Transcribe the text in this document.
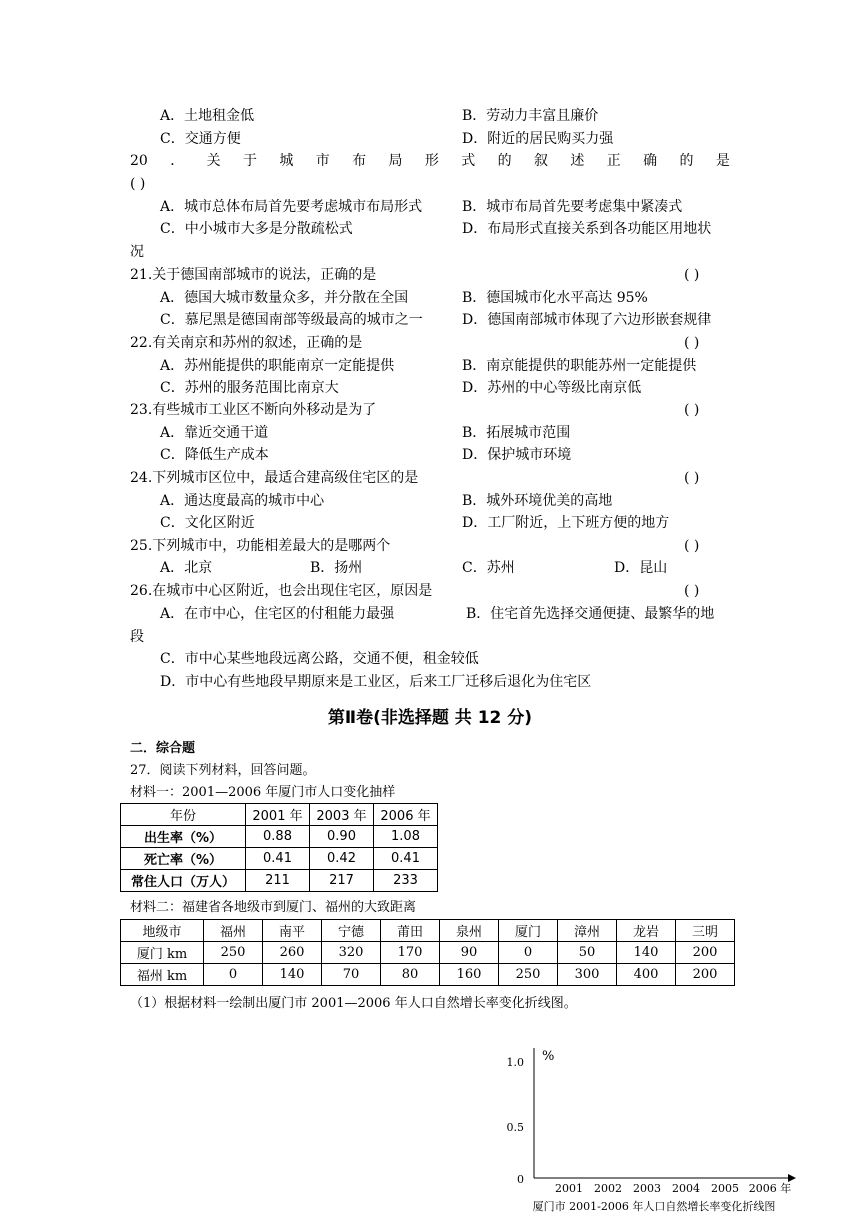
A．土地租金低	B．劳动力丰富且廉价
C．交通方便	D．附近的居民购买力强
20 ． 关 于 城 市 布 局 形 式 的 叙 述 正 确 的 是
( )
A．城市总体布局首先要考虑城市布局形式	B．城市布局首先要考虑集中紧凑式
C．中小城市大多是分散疏松式	D．布局形式直接关系到各功能区用地状
况
21.关于德国南部城市的说法，正确的是	( )
A．德国大城市数量众多，并分散在全国	B．德国城市化水平高达 95%
C．慕尼黑是德国南部等级最高的城市之一	D．德国南部城市体现了六边形嵌套规律
22.有关南京和苏州的叙述，正确的是	( )
A．苏州能提供的职能南京一定能提供	B．南京能提供的职能苏州一定能提供
C．苏州的服务范围比南京大	D．苏州的中心等级比南京低
23.有些城市工业区不断向外移动是为了	( )
A．靠近交通干道	B．拓展城市范围
C．降低生产成本	D．保护城市环境
24.下列城市区位中，最适合建高级住宅区的是	( )
A．通达度最高的城市中心	B．城外环境优美的高地
C．文化区附近	D．工厂附近，上下班方便的地方
25.下列城市中，功能相差最大的是哪两个	( )
A．北京	B．扬州	C．苏州	D．昆山
26.在城市中心区附近，也会出现住宅区，原因是	( )
A．在市中心，住宅区的付租能力最强	B．住宅首先选择交通便捷、最繁华的地
段
C．市中心某些地段远离公路，交通不便，租金较低
D．市中心有些地段早期原来是工业区，后来工厂迁移后退化为住宅区
第Ⅱ卷(非选择题 共 12 分)
二．综合题
27．阅读下列材料，回答问题。
材料一：2001—2006 年厦门市人口变化抽样
年份	2001 年	2003 年	2006 年
出生率（%）	0.88	0.90	1.08
死亡率（%）	0.41	0.42	0.41
常住人口（万人）	211	217	233
材料二：福建省各地级市到厦门、福州的大致距离
地级市	福州	南平	宁德	莆田	泉州	厦门	漳州	龙岩	三明
厦门 km	250	260	320	170	90	0	50	140	200
福州 km	0	140	70	80	160	250	300	400	200
（1）根据材料一绘制出厦门市 2001—2006 年人口自然增长率变化折线图。
%
1.0
0.5
0
2001 2002 2003 2004 2005 2006 年
厦门市 2001-2006 年人口自然增长率变化折线图
